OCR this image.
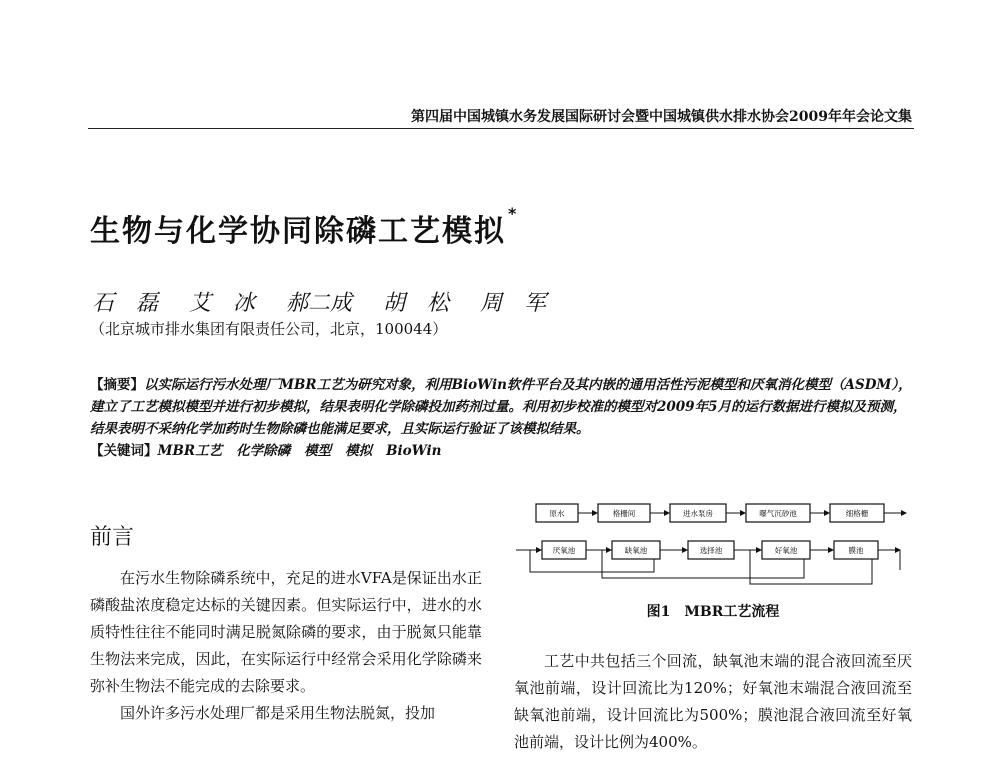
第四届中国城镇水务发展国际研讨会暨中国城镇供水排水协会2009年年会论文集
生物与化学协同除磷工艺模拟*
石　磊 艾　冰 郝二成 胡　松 周　军
（北京城市排水集团有限责任公司，北京，100044）
【摘要】以实际运行污水处理厂MBR工艺为研究对象，利用BioWin软件平台及其内嵌的通用活性污泥模型和厌氧消化模型（ASDM），建立了工艺模拟模型并进行初步模拟，结果表明化学除磷投加药剂过量。利用初步校准的模型对2009年5月的运行数据进行模拟及预测，结果表明不采纳化学加药时生物除磷也能满足要求，且实际运行验证了该模拟结果。
【关键词】MBR工艺 化学除磷 模型 模拟 BioWin
前言

在污水生物除磷系统中，充足的进水VFA是保证出水正磷酸盐浓度稳定达标的关键因素。但实际运行中，进水的水质特性往往不能同时满足脱氮除磷的要求，由于脱氮只能靠生物法来完成，因此，在实际运行中经常会采用化学除磷来弥补生物法不能完成的去除要求。

国外许多污水处理厂都是采用生物法脱氮，投加

原水	格栅间	进水泵房	曝气沉砂池	细格栅
厌氧池	缺氧池	选择池	好氧池	膜池
图1　MBR工艺流程

工艺中共包括三个回流，缺氧池末端的混合液回流至厌氧池前端，设计回流比为120%；好氧池末端混合液回流至缺氧池前端，设计回流比为500%；膜池混合液回流至好氧池前端，设计比例为400%。
